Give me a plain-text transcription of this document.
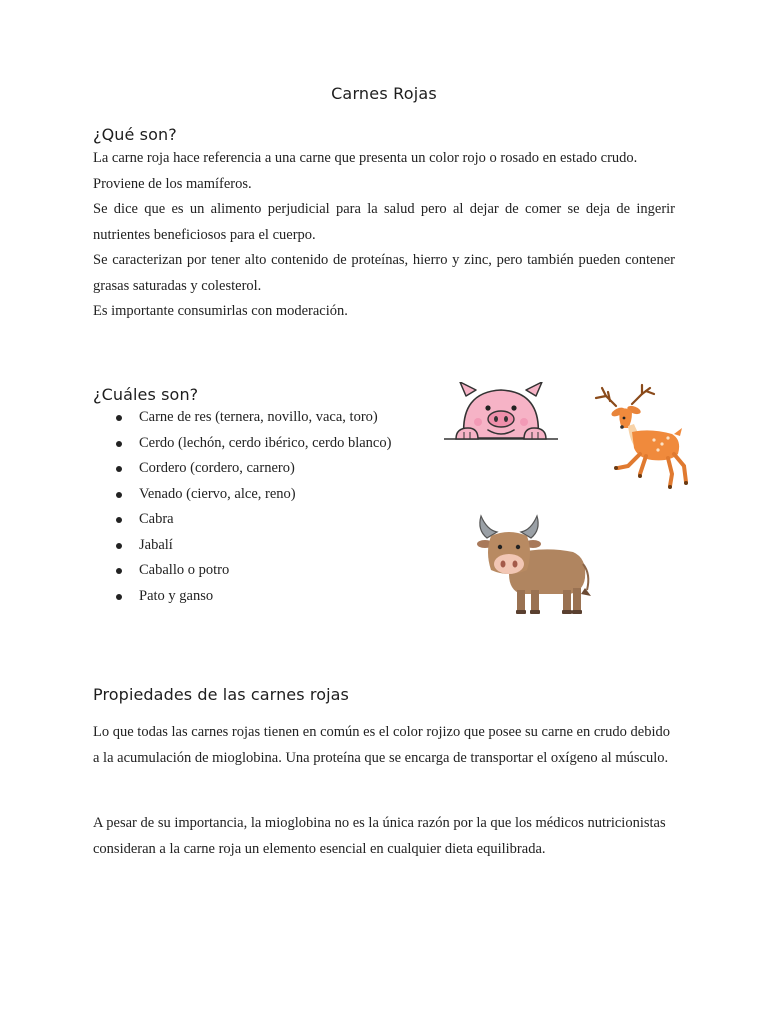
Carnes Rojas
¿Qué son?

La carne roja hace referencia a una carne que presenta un color rojo o rosado en estado crudo.

Proviene de los mamíferos.

Se dice que es un alimento perjudicial para la salud pero al dejar de comer se deja de ingerir nutrientes beneficiosos para el cuerpo.

Se caracterizan por tener alto contenido de proteínas, hierro y zinc, pero también pueden contener grasas saturadas y colesterol.

Es importante consumirlas con moderación.

¿Cuáles son?
Carne de res (ternera, novillo, vaca, toro)
Cerdo (lechón, cerdo ibérico, cerdo blanco)
Cordero (cordero, carnero)
Venado (ciervo, alce, reno)
Cabra
Jabalí
Caballo o potro
Pato y ganso
Propiedades de las carnes rojas
Lo que todas las carnes rojas tienen en común es el color rojizo que posee su carne en crudo debido a la acumulación de mioglobina. Una proteína que se encarga de transportar el oxígeno al músculo.
A pesar de su importancia, la mioglobina no es la única razón por la que los médicos nutricionistas consideran a la carne roja un elemento esencial en cualquier dieta equilibrada.
